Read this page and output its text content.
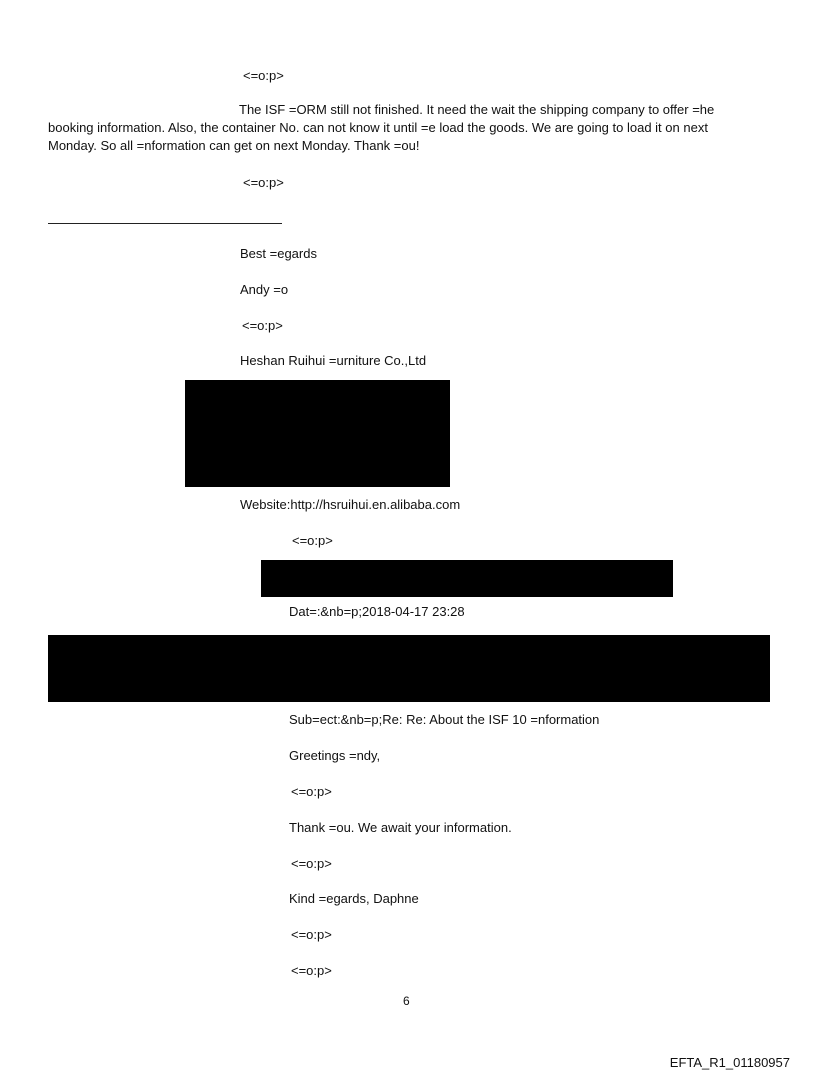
<=o:p>
The ISF =ORM still not finished. It need the wait the shipping company to offer =he booking information. Also, the container No. can not know it until =e load the goods. We are going to load it on next Monday. So all =nformation can get on next Monday. Thank =ou!
<=o:p>
Best =egards
Andy =o
<=o:p>
Heshan Ruihui =urniture Co.,Ltd
Website:http://hsruihui.en.alibaba.com
<=o:p>
Dat=:&nb=p;2018-04-17 23:28
Sub=ect:&nb=p;Re: Re: About the ISF 10 =nformation
Greetings =ndy,
<=o:p>
Thank =ou. We await your information.
<=o:p>
Kind =egards, Daphne
<=o:p>
<=o:p>
6
EFTA_R1_01180957
